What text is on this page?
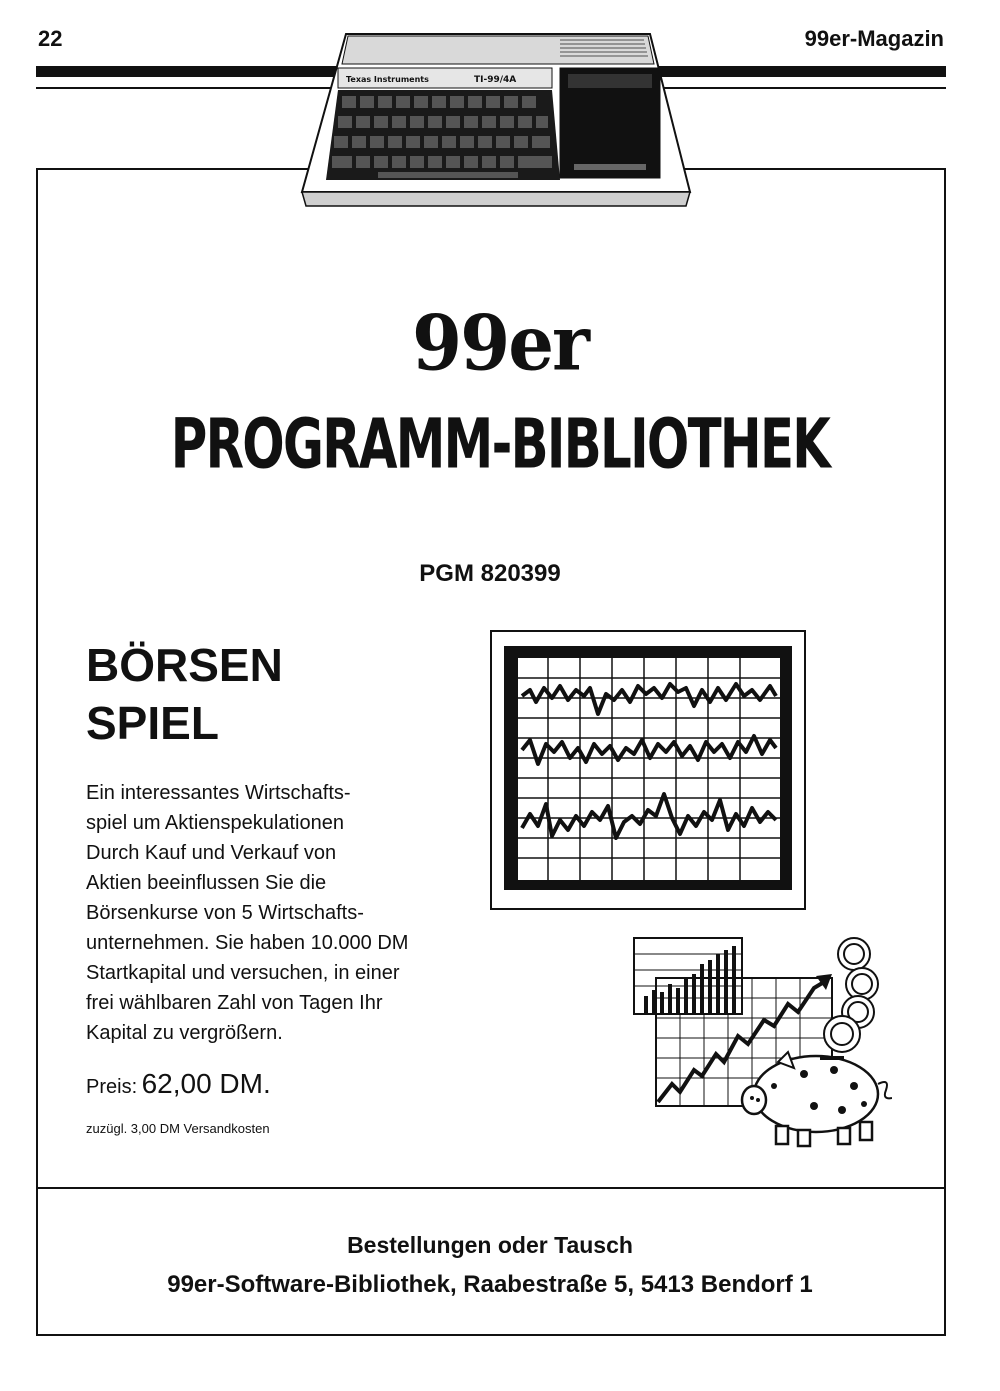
22	99er-Magazin
Texas Instruments	TI-99/4A
99er
PROGRAMM-BIBLIOTHEK
PGM 820399
BÖRSEN
SPIEL
Ein interessantes Wirtschafts-
spiel um Aktienspekulationen
Durch Kauf und Verkauf von
Aktien beeinflussen Sie die
Börsenkurse von 5 Wirtschafts-
unternehmen. Sie haben 10.000 DM
Startkapital und versuchen, in einer
frei wählbaren Zahl von Tagen Ihr
Kapital zu vergrößern.
Preis: 62,00 DM.
zuzügl. 3,00 DM Versandkosten
Bestellungen oder Tausch
99er-Software-Bibliothek, Raabestraße 5, 5413 Bendorf 1
